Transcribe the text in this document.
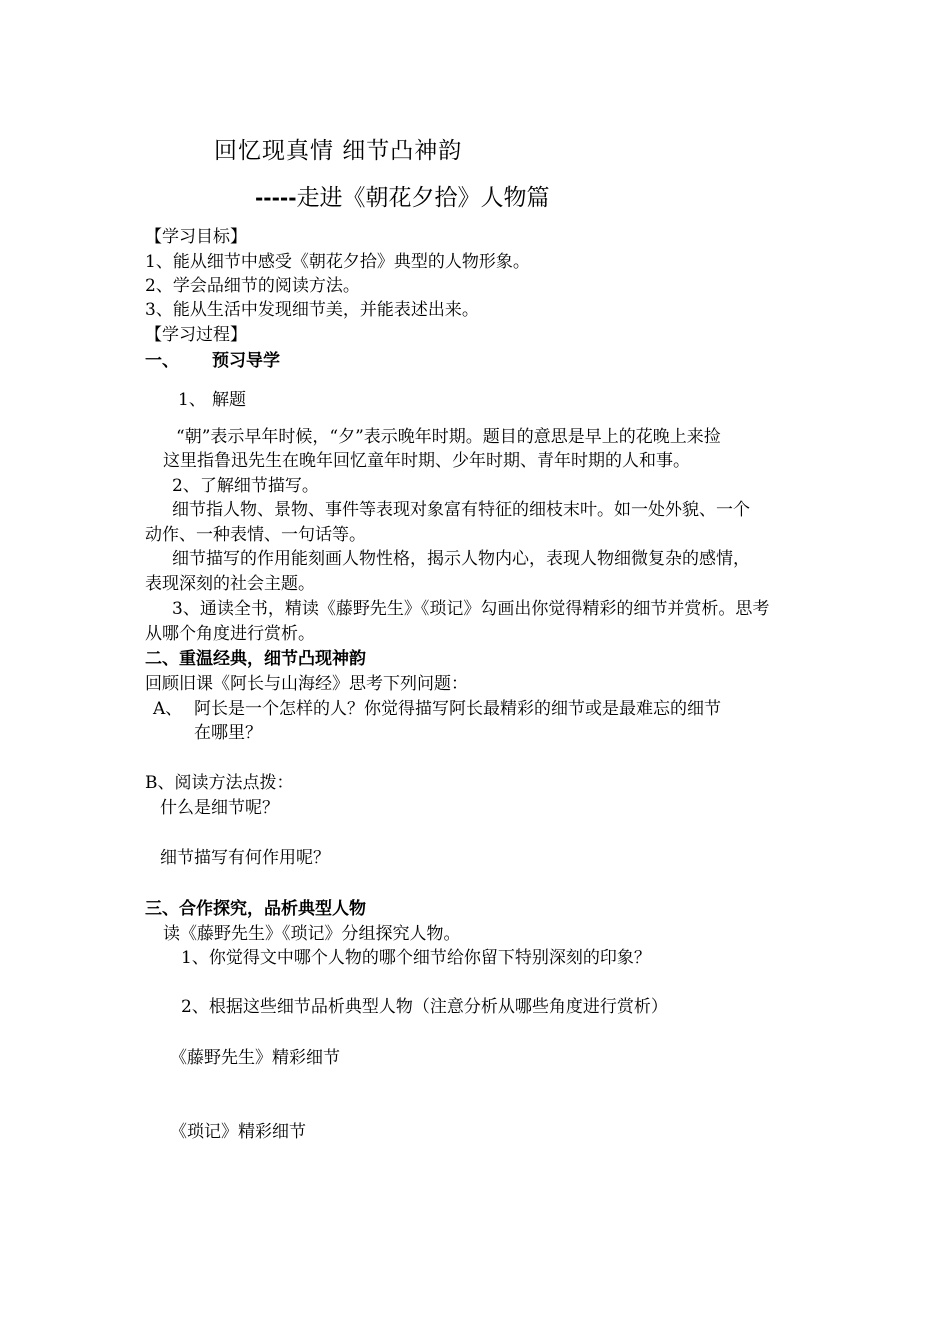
回忆现真情 细节凸神韵
-----走进《朝花夕拾》人物篇
【学习目标】
1、能从细节中感受《朝花夕拾》典型的人物形象。
2、学会品细节的阅读方法。
3、能从生活中发现细节美，并能表述出来。
【学习过程】
一、 预习导学
1、 解题
“朝”表示早年时候，“夕”表示晚年时期。题目的意思是早上的花晚上来捡
这里指鲁迅先生在晚年回忆童年时期、少年时期、青年时期的人和事。
2、了解细节描写。
细节指人物、景物、事件等表现对象富有特征的细枝末叶。如一处外貌、一个
动作、一种表情、一句话等。
细节描写的作用能刻画人物性格，揭示人物内心，表现人物细微复杂的感情，
表现深刻的社会主题。
3、通读全书，精读《藤野先生》《琐记》勾画出你觉得精彩的细节并赏析。思考
从哪个角度进行赏析。
二、重温经典，细节凸现神韵
回顾旧课《阿长与山海经》思考下列问题：
A、 阿长是一个怎样的人？你觉得描写阿长最精彩的细节或是最难忘的细节
在哪里？
B、阅读方法点拨：
什么是细节呢？
细节描写有何作用呢？
三、合作探究，品析典型人物
读《藤野先生》《琐记》分组探究人物。
1、你觉得文中哪个人物的哪个细节给你留下特别深刻的印象？
2、根据这些细节品析典型人物（注意分析从哪些角度进行赏析）
《藤野先生》精彩细节
《琐记》精彩细节
